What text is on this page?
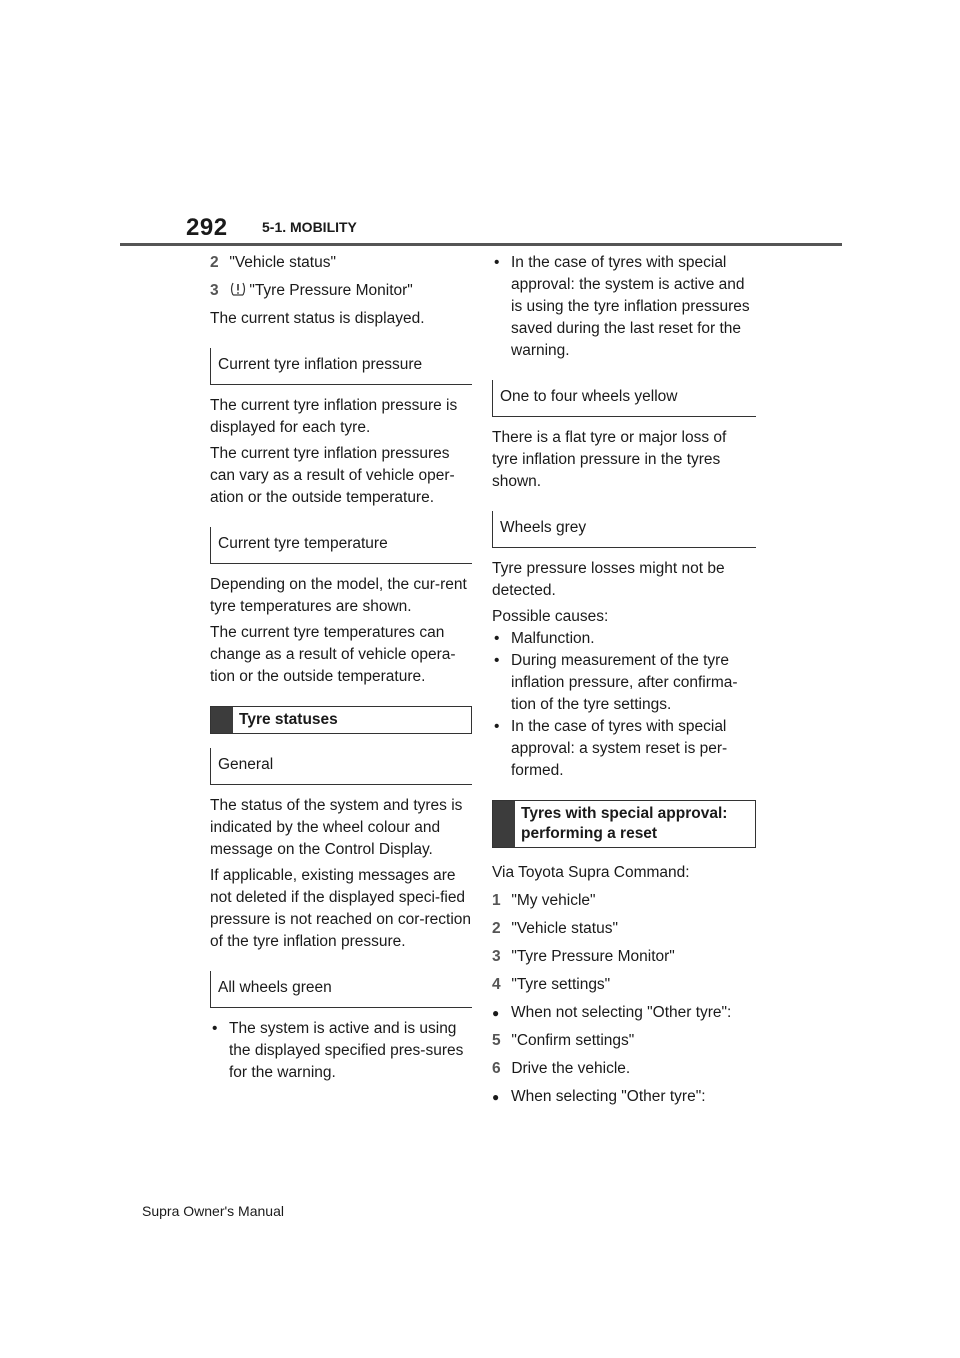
292 5-1. MOBILITY
2 "Vehicle status"
3 "Tyre Pressure Monitor"

The current status is displayed.

Current tyre inflation pressure

The current tyre inflation pressure is displayed for each tyre.

The current tyre inflation pressures can vary as a result of vehicle oper-ation or the outside temperature.

Current tyre temperature

Depending on the model, the cur-rent tyre temperatures are shown.

The current tyre temperatures can change as a result of vehicle opera-tion or the outside temperature.

Tyre statuses
General

The status of the system and tyres is indicated by the wheel colour and message on the Control Display.

If applicable, existing messages are not deleted if the displayed speci-fied pressure is not reached on cor-rection of the tyre inflation pressure.

All wheels green
• The system is active and is using the displayed specified pres-sures for the warning.
• In the case of tyres with special approval: the system is active and is using the tyre inflation pressures saved during the last reset for the warning.
One to four wheels yellow

There is a flat tyre or major loss of tyre inflation pressure in the tyres shown.

Wheels grey

Tyre pressure losses might not be detected.

Possible causes:

• Malfunction.
• During measurement of the tyre inflation pressure, after confirma-tion of the tyre settings.
• In the case of tyres with special approval: a system reset is per-formed.
Tyres with special approval: performing a reset

Via Toyota Supra Command:

1 "My vehicle"
2 "Vehicle status"
3 "Tyre Pressure Monitor"
4 "Tyre settings"
● When not selecting "Other tyre":
5 "Confirm settings"
6 Drive the vehicle.
● When selecting "Other tyre":
Supra Owner's Manual
